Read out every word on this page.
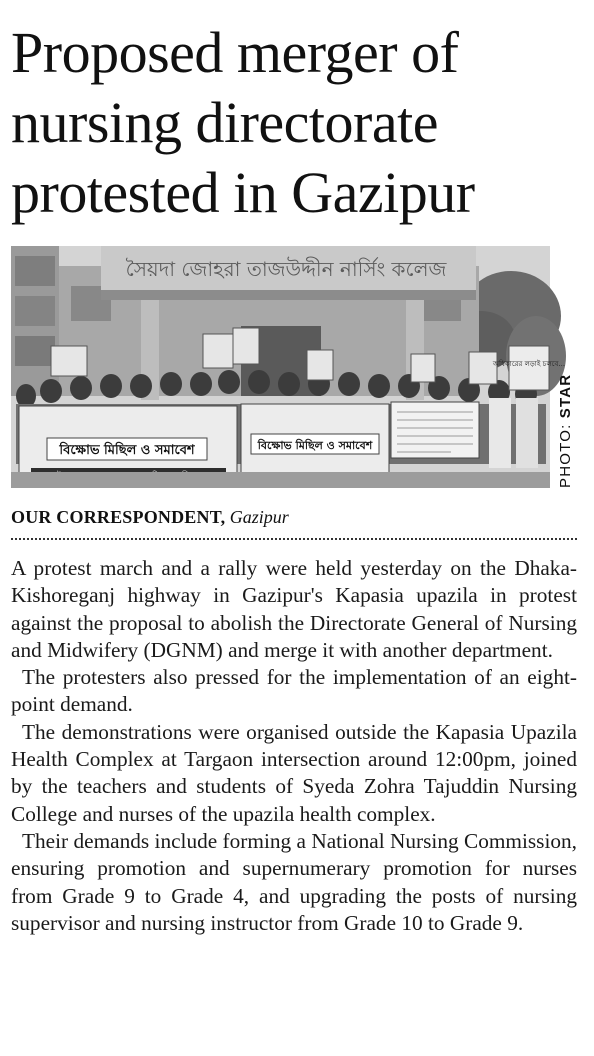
Proposed merger of nursing directorate protested in Gazipur
সৈয়দা জোহরা তাজউদ্দীন নার্সিং কলেজ
অধিকারের লড়াই চলবে...
বিক্ষোভ মিছিল ও সমাবেশ	বিক্ষোভ মিছিল ও সমাবেশ	PHOTO: STAR
OUR CORRESPONDENT, Gazipur

A protest march and a rally were held yesterday on the Dhaka-Kishoreganj highway in Gazipur's Kapasia upazila in protest against the proposal to abolish the Directorate General of Nursing and Midwifery (DGNM) and merge it with another department.

The protesters also pressed for the implementation of an eight-point demand.

The demonstrations were organised outside the Kapasia Upazila Health Complex at Targaon intersection around 12:00pm, joined by the teachers and students of Syeda Zohra Tajuddin Nursing College and nurses of the upazila health complex.

Their demands include forming a National Nursing Commission, ensuring promotion and supernumerary promotion for nurses from Grade 9 to Grade 4, and upgrading the posts of nursing supervisor and nursing instructor from Grade 10 to Grade 9.
